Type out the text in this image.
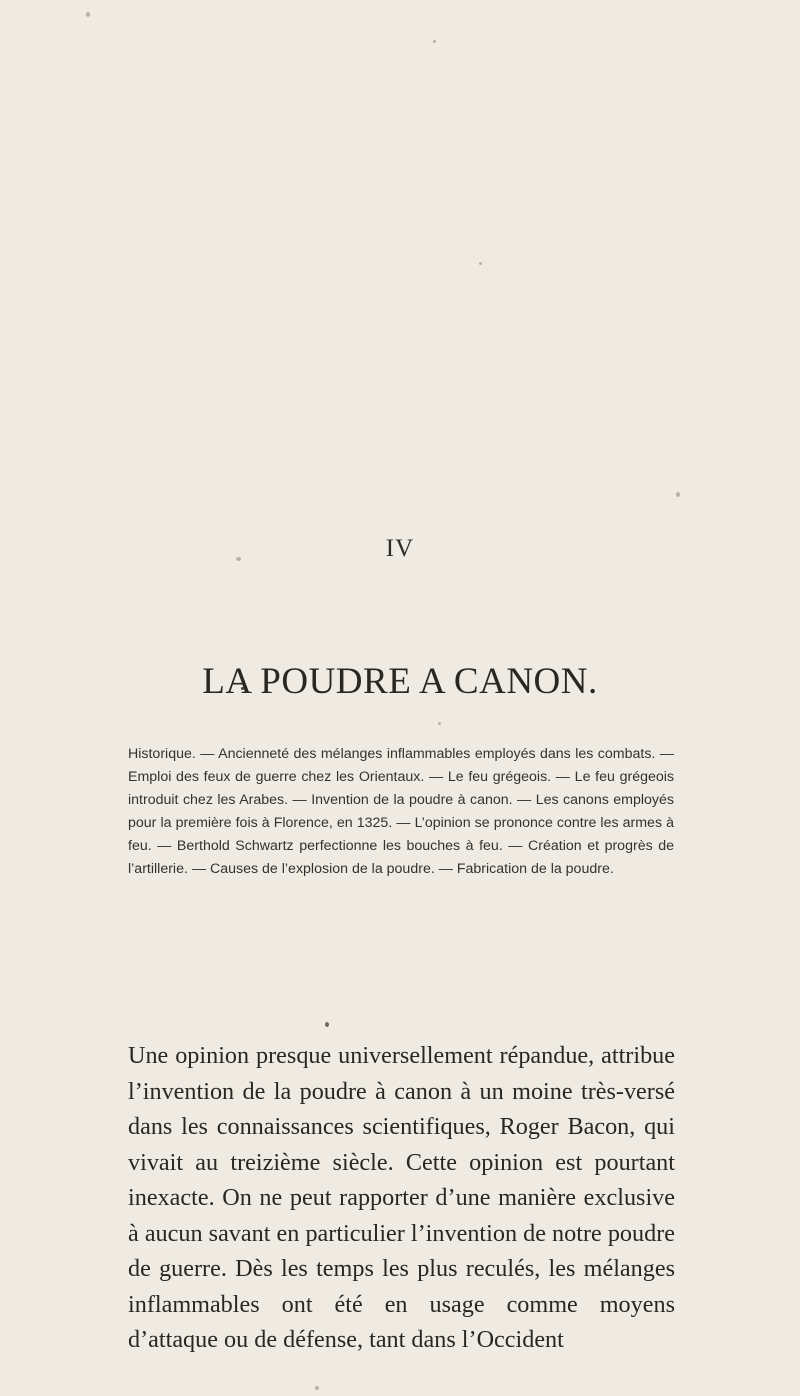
IV
LA POUDRE A CANON.

Historique. — Ancienneté des mélanges inflammables employés dans les combats. — Emploi des feux de guerre chez les Orientaux. — Le feu grégeois. — Le feu grégeois introduit chez les Arabes. — Invention de la poudre à canon. — Les canons employés pour la première fois à Florence, en 1325. — L’opinion se prononce contre les armes à feu. — Berthold Schwartz perfectionne les bouches à feu. — Création et progrès de l’artillerie. — Causes de l’explosion de la poudre. — Fabrication de la poudre.

Une opinion presque universellement répandue, attribue l’invention de la poudre à canon à un moine très-versé dans les connaissances scientifiques, Roger Bacon, qui vivait au treizième siècle. Cette opinion est pourtant inexacte. On ne peut rapporter d’une manière exclusive à aucun savant en particulier l’invention de notre poudre de guerre. Dès les temps les plus reculés, les mélanges inflammables ont été en usage comme moyens d’attaque ou de défense, tant dans l’Occident
